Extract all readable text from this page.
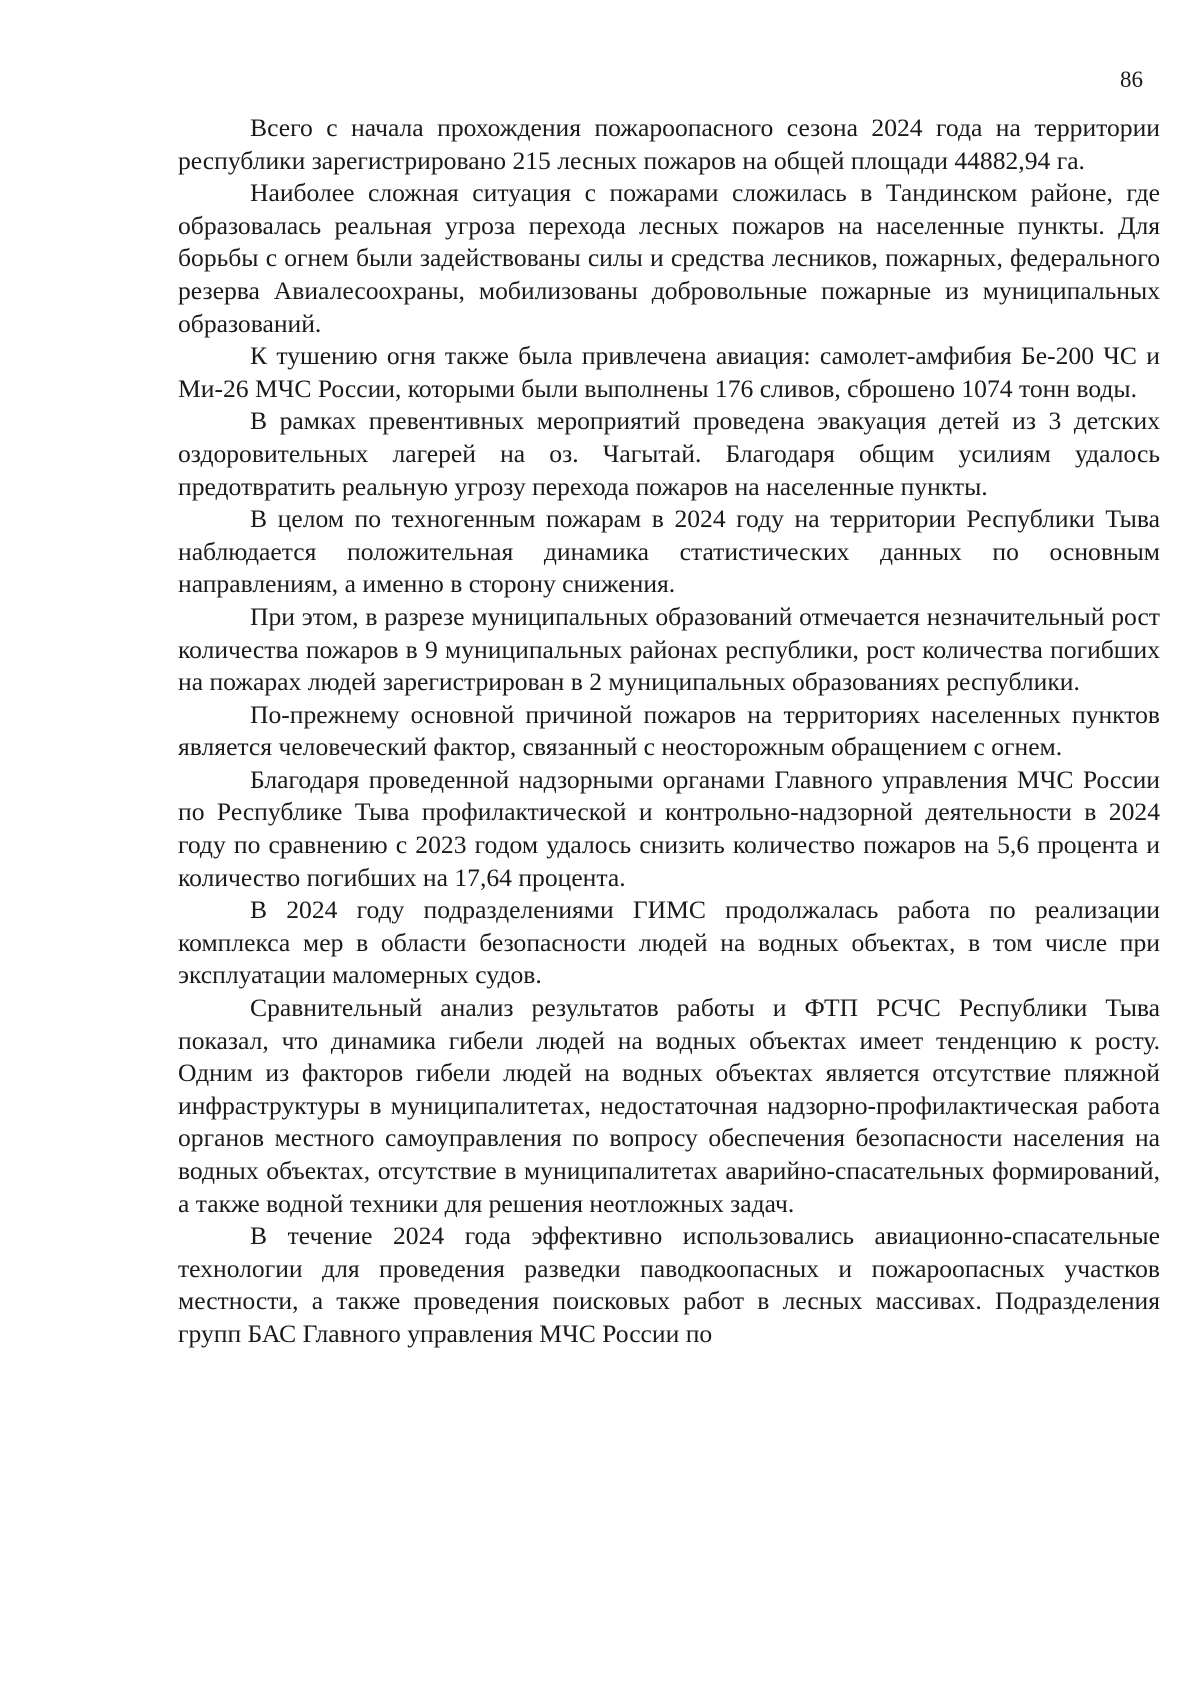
86

Всего с начала прохождения пожароопасного сезона 2024 года на территории республики зарегистрировано 215 лесных пожаров на общей площади 44882,94 га.

Наиболее сложная ситуация с пожарами сложилась в Тандинском районе, где образовалась реальная угроза перехода лесных пожаров на населенные пункты. Для борьбы с огнем были задействованы силы и средства лесников, пожарных, федерального резерва Авиалесоохраны, мобилизованы добровольные пожарные из муниципальных образований.

К тушению огня также была привлечена авиация: самолет-амфибия Бе-200 ЧС и Ми-26 МЧС России, которыми были выполнены 176 сливов, сброшено 1074 тонн воды.

В рамках превентивных мероприятий проведена эвакуация детей из 3 детских оздоровительных лагерей на оз. Чагытай. Благодаря общим усилиям удалось предотвратить реальную угрозу перехода пожаров на населенные пункты.

В целом по техногенным пожарам в 2024 году на территории Республики Тыва наблюдается положительная динамика статистических данных по основным направлениям, а именно в сторону снижения.

При этом, в разрезе муниципальных образований отмечается незначительный рост количества пожаров в 9 муниципальных районах республики, рост количества погибших на пожарах людей зарегистрирован в 2 муниципальных образованиях республики.

По-прежнему основной причиной пожаров на территориях населенных пунктов является человеческий фактор, связанный с неосторожным обращением с огнем.

Благодаря проведенной надзорными органами Главного управления МЧС России по Республике Тыва профилактической и контрольно-надзорной деятельности в 2024 году по сравнению с 2023 годом удалось снизить количество пожаров на 5,6 процента и количество погибших на 17,64 процента.

В 2024 году подразделениями ГИМС продолжалась работа по реализации комплекса мер в области безопасности людей на водных объектах, в том числе при эксплуатации маломерных судов.

Сравнительный анализ результатов работы и ФТП РСЧС Республики Тыва показал, что динамика гибели людей на водных объектах имеет тенденцию к росту. Одним из факторов гибели людей на водных объектах является отсутствие пляжной инфраструктуры в муниципалитетах, недостаточная надзорно-профилактическая работа органов местного самоуправления по вопросу обеспечения безопасности населения на водных объектах, отсутствие в муниципалитетах аварийно-спасательных формирований, а также водной техники для решения неотложных задач.

В течение 2024 года эффективно использовались авиационно-спасательные технологии для проведения разведки паводкоопасных и пожароопасных участков местности, а также проведения поисковых работ в лесных массивах. Подразделения групп БАС Главного управления МЧС России по
